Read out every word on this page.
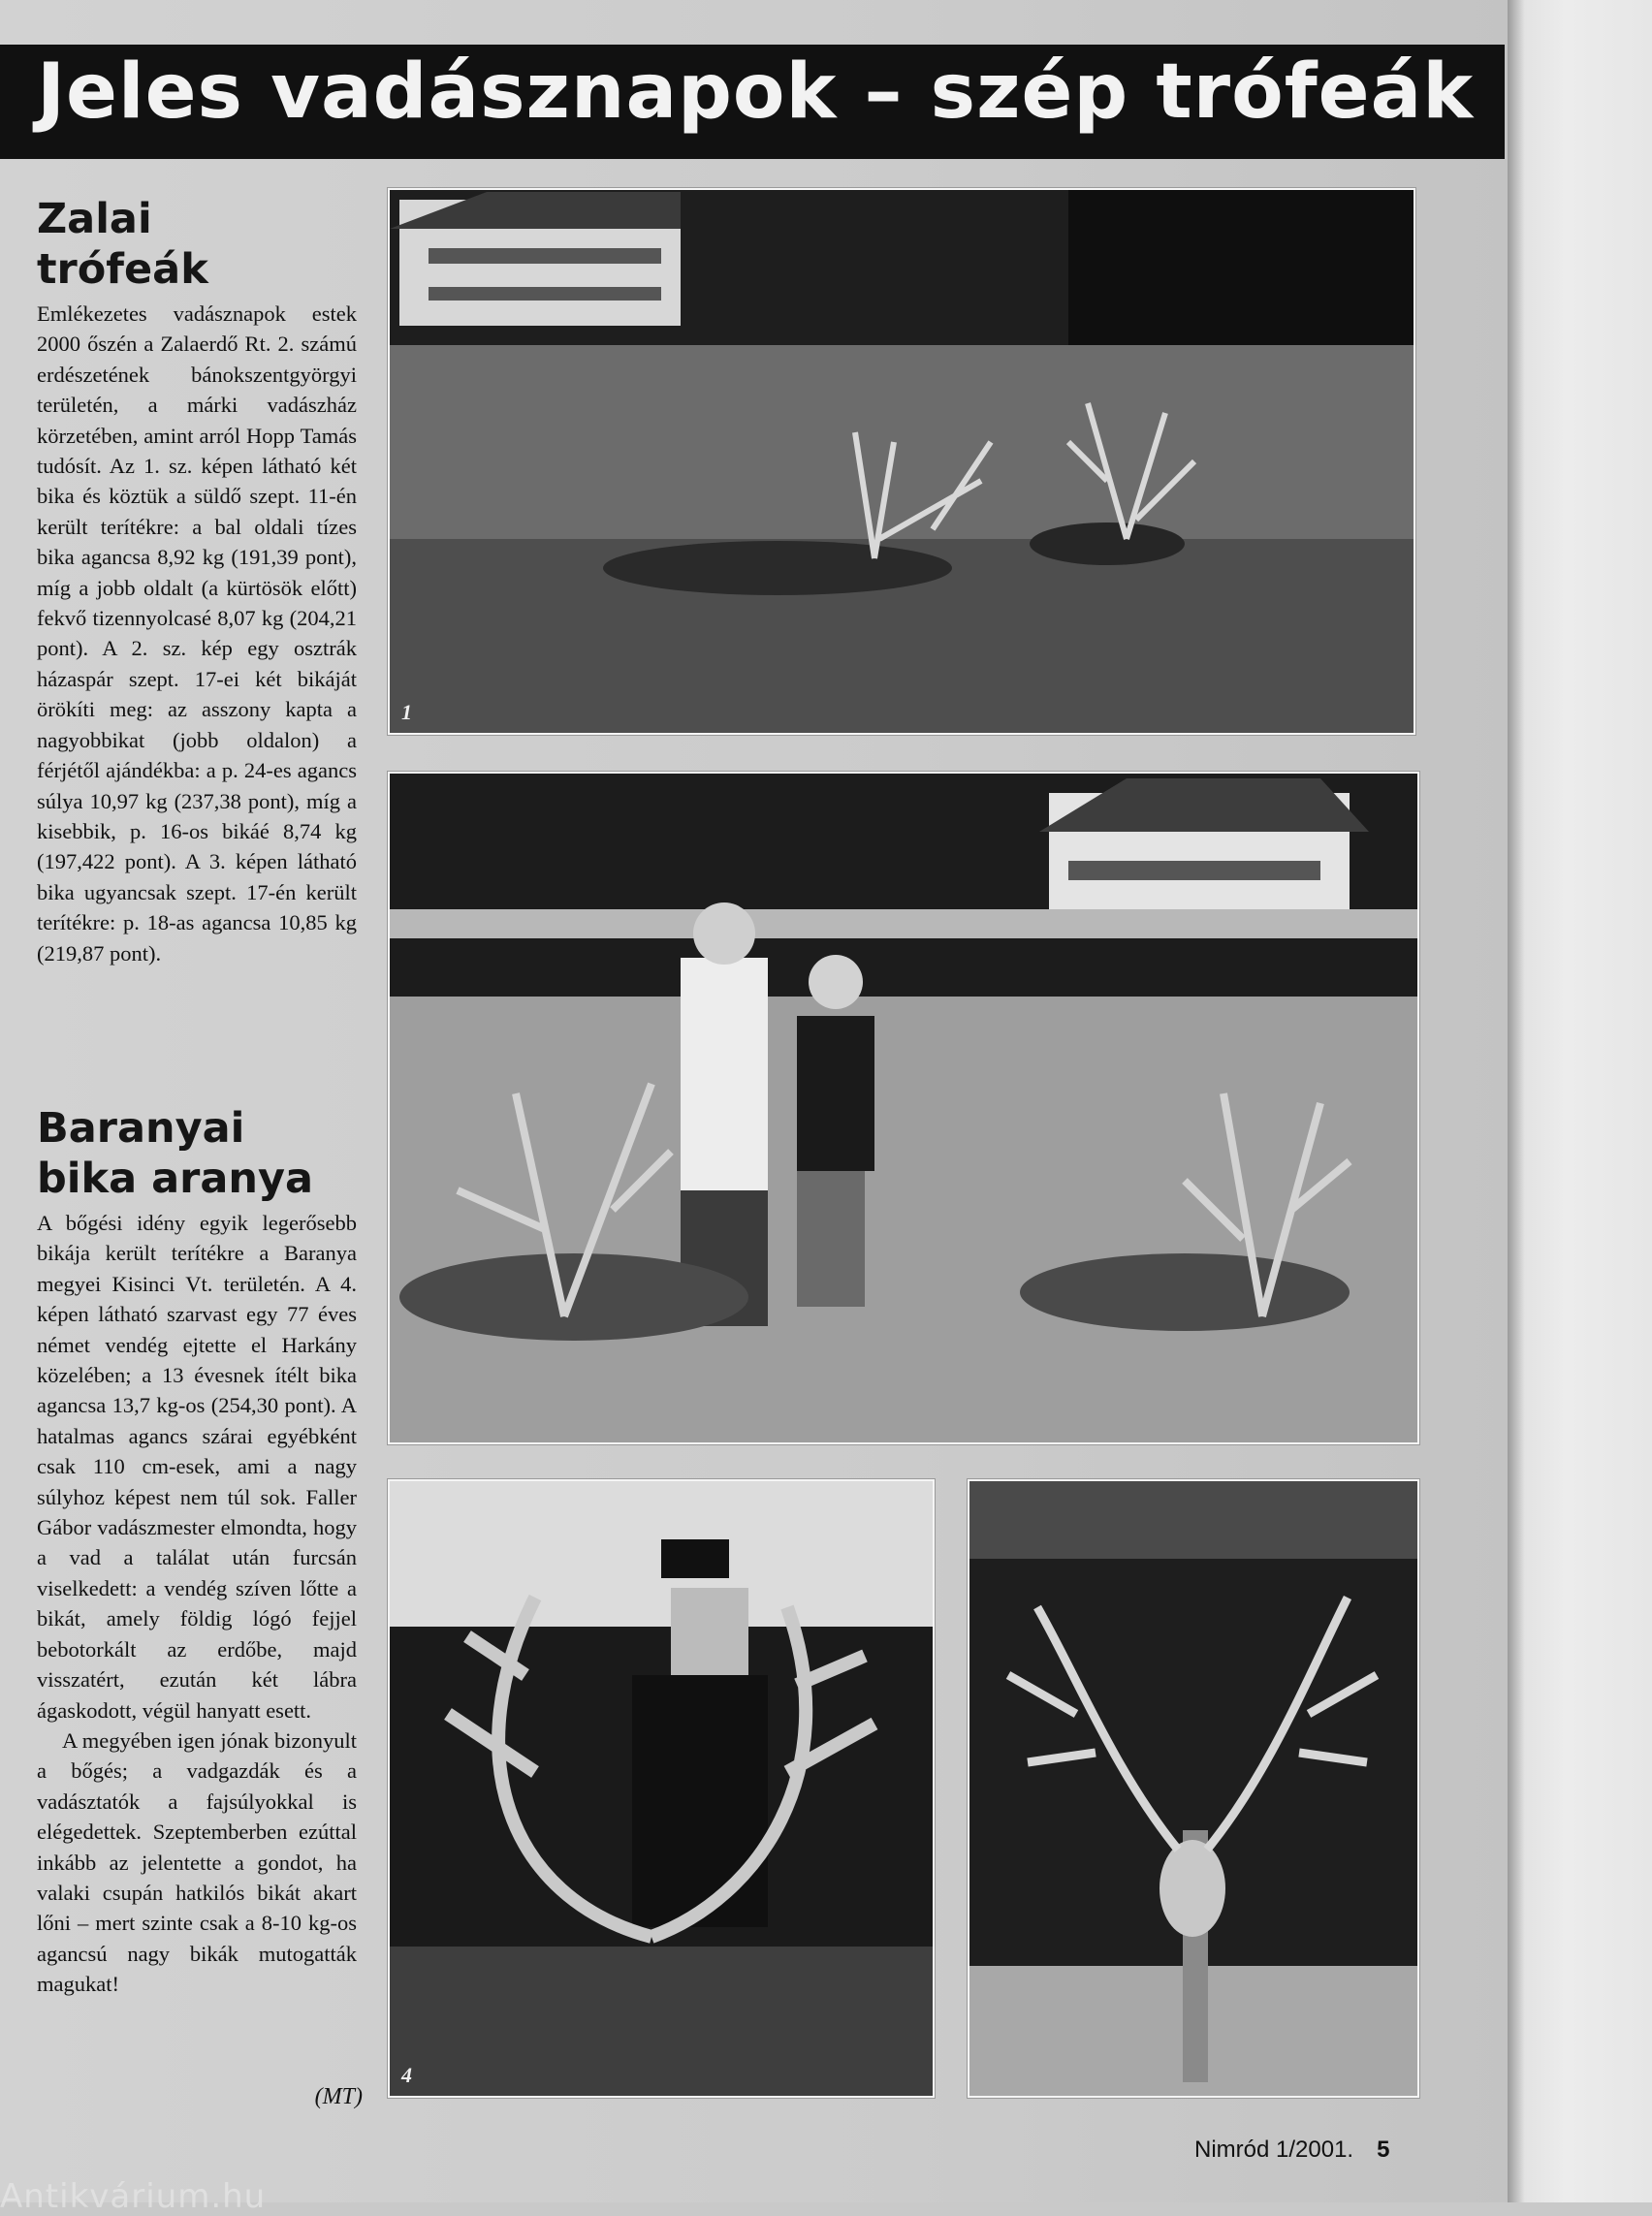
Jeles vadásznapok – szép trófeák
Zalai
trófeák

Emlékezetes vadásznapok estek 2000 őszén a Zalaerdő Rt. 2. számú erdészetének bánokszentgyörgyi területén, a márki vadászház körzetében, amint arról Hopp Tamás tudósít. Az 1. sz. képen látható két bika és köztük a süldő szept. 11-én került terítékre: a bal oldali tízes bika agancsa 8,92 kg (191,39 pont), míg a jobb oldalt (a kürtösök előtt) fekvő tizennyolcasé 8,07 kg (204,21 pont). A 2. sz. kép egy osztrák házaspár szept. 17-ei két bikáját örökíti meg: az asszony kapta a nagyobbikat (jobb oldalon) a férjétől ajándékba: a p. 24-es agancs súlya 10,97 kg (237,38 pont), míg a kisebbik, p. 16-os bikáé 8,74 kg (197,422 pont). A 3. képen látható bika ugyancsak szept. 17-én került terítékre: p. 18-as agancsa 10,85 kg (219,87 pont).

Baranyai
bika aranya

A bőgési idény egyik legerősebb bikája került terítékre a Baranya megyei Kisinci Vt. területén. A 4. képen látható szarvast egy 77 éves német vendég ejtette el Harkány közelében; a 13 évesnek ítélt bika agancsa 13,7 kg-os (254,30 pont). A hatalmas agancs szárai egyébként csak 110 cm-esek, ami a nagy súlyhoz képest nem túl sok. Faller Gábor vadászmester elmondta, hogy a vad a találat után furcsán viselkedett: a vendég szíven lőtte a bikát, amely földig lógó fejjel bebotorkált az erdőbe, majd visszatért, ezután két lábra ágaskodott, végül hanyatt esett.

A megyében igen jónak bizonyult a bőgés; a vadgazdák és a vadásztatók a fajsúlyokkal is elégedettek. Szeptemberben ezúttal inkább az jelentette a gondot, ha valaki csupán hatkilós bikát akart lőni – mert szinte csak a 8-10 kg-os agancsú nagy bikák mutogatták magukat!

(MT)
1
4
Nimród 1/2001. 5
Antikvárium.hu
